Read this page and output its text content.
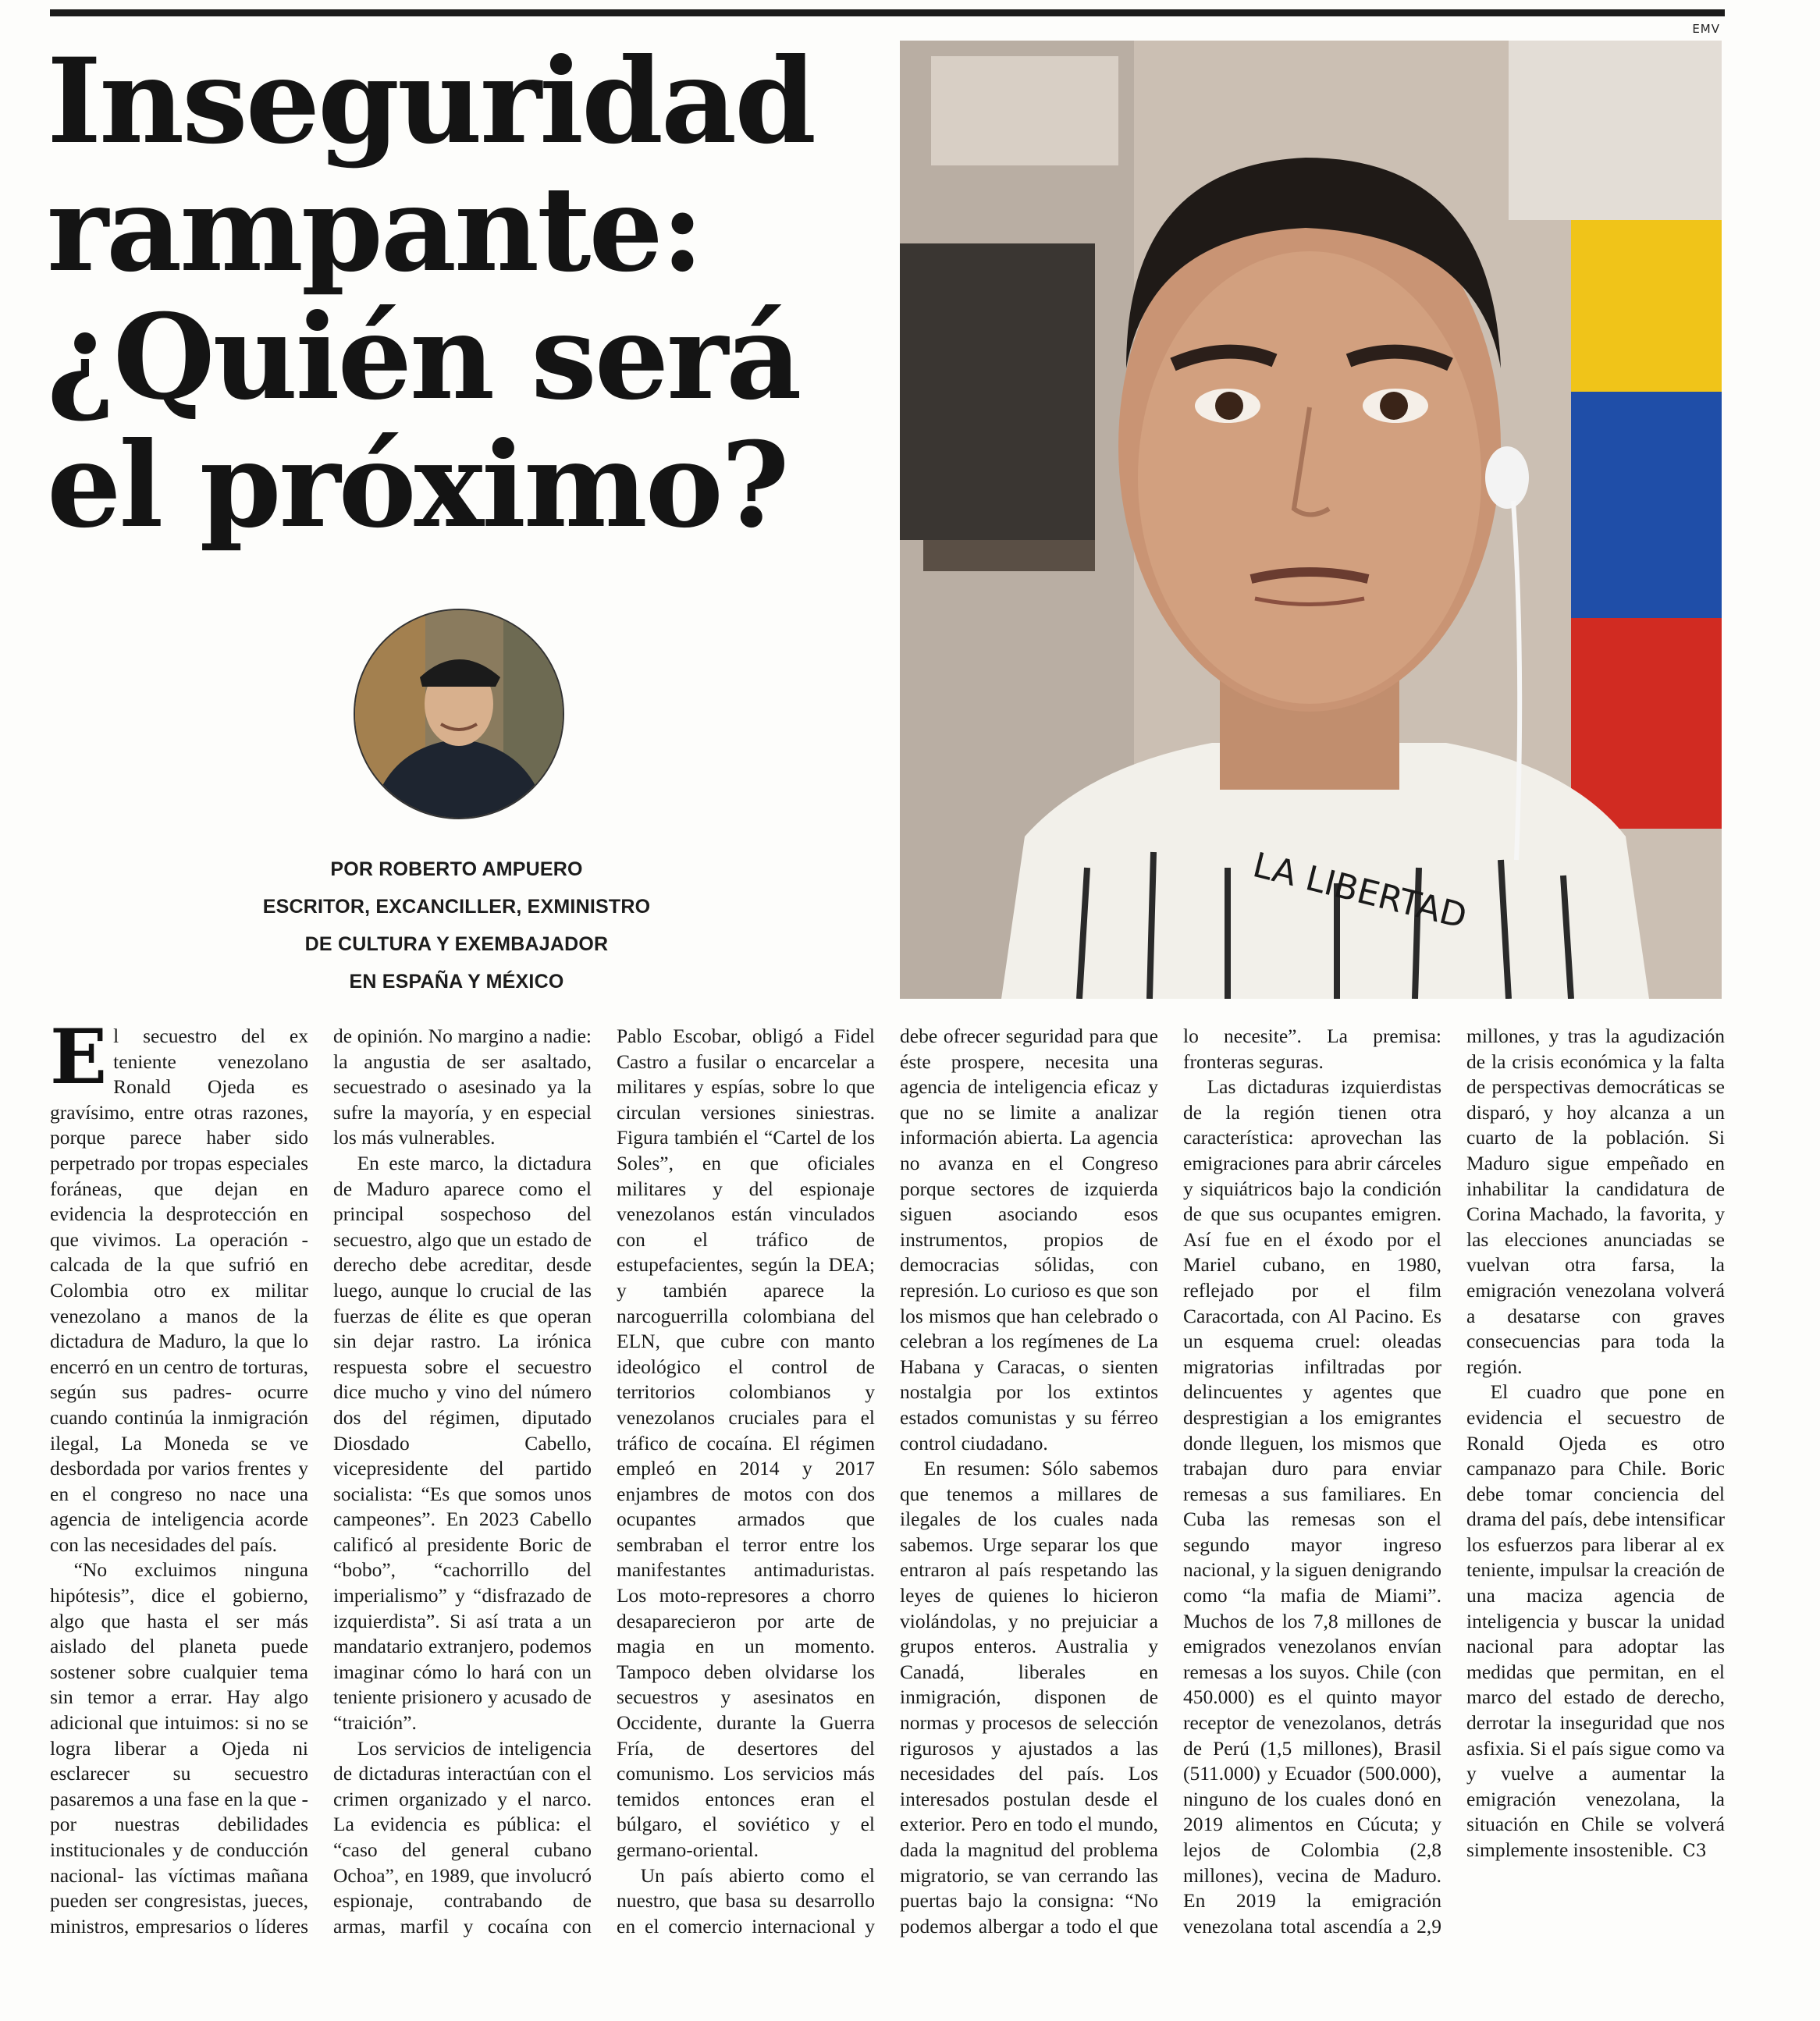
EMV
Inseguridad
rampante:
¿Quién será
el próximo?
LA LIBERTAD
POR ROBERTO AMPUERO
ESCRITOR, EXCANCILLER, EXMINISTRO
DE CULTURA Y EXEMBAJADOR
EN ESPAÑA Y MÉXICO

El secuestro del ex teniente venezolano Ronald Ojeda es gravísimo, entre otras razones, porque parece haber sido perpetrado por tropas especiales foráneas, que dejan en evidencia la desprotección en que vivimos. La operación -calcada de la que sufrió en Colombia otro ex militar venezolano a manos de la dictadura de Maduro, la que lo encerró en un centro de torturas, según sus padres- ocurre cuando continúa la inmigración ilegal, La Moneda se ve desbordada por varios frentes y en el congreso no nace una agencia de inteligencia acorde con las necesidades del país.

“No excluimos ninguna hipótesis”, dice el gobierno, algo que hasta el ser más aislado del planeta puede sostener sobre cualquier tema sin temor a errar. Hay algo adicional que intuimos: si no se logra liberar a Ojeda ni esclarecer su secuestro pasaremos a una fase en la que -por nuestras debilidades institucionales y de conducción nacional- las víctimas mañana pueden ser congresistas, jueces, ministros, empresarios o líderes de opinión. No margino a nadie: la angustia de ser asaltado, secuestrado o asesinado ya la sufre la mayoría, y en especial los más vulnerables.

En este marco, la dictadura de Maduro aparece como el principal sospechoso del secuestro, algo que un estado de derecho debe acreditar, desde luego, aunque lo crucial de las fuerzas de élite es que operan sin dejar rastro. La irónica respuesta sobre el secuestro dice mucho y vino del número dos del régimen, diputado Diosdado Cabello, vicepresidente del partido socialista: “Es que somos unos campeones”. En 2023 Cabello calificó al presidente Boric de “bobo”, “cachorrillo del imperialismo” y “disfrazado de izquierdista”. Si así trata a un mandatario extranjero, podemos imaginar cómo lo hará con un teniente prisionero y acusado de “traición”.

Los servicios de inteligencia de dictaduras interactúan con el crimen organizado y el narco. La evidencia es pública: el “caso del general cubano Ochoa”, en 1989, que involucró espionaje, contrabando de armas, marfil y cocaína con Pablo Escobar, obligó a Fidel Castro a fusilar o encarcelar a militares y espías, sobre lo que circulan versiones siniestras. Figura también el “Cartel de los Soles”, en que oficiales militares y del espionaje venezolanos están vinculados con el tráfico de estupefacientes, según la DEA; y también aparece la narcoguerrilla colombiana del ELN, que cubre con manto ideológico el control de territorios colombianos y venezolanos cruciales para el tráfico de cocaína. El régimen empleó en 2014 y 2017 enjambres de motos con dos ocupantes armados que sembraban el terror entre los manifestantes antimaduristas. Los moto-represores a chorro desaparecieron por arte de magia en un momento. Tampoco deben olvidarse los secuestros y asesinatos en Occidente, durante la Guerra Fría, de desertores del comunismo. Los servicios más temidos entonces eran el búlgaro, el soviético y el germano-oriental.

Un país abierto como el nuestro, que basa su desarrollo en el comercio internacional y debe ofrecer seguridad para que éste prospere, necesita una agencia de inteligencia eficaz y que no se limite a analizar información abierta. La agencia no avanza en el Congreso porque sectores de izquierda siguen asociando esos instrumentos, propios de democracias sólidas, con represión. Lo curioso es que son los mismos que han celebrado o celebran a los regímenes de La Habana y Caracas, o sienten nostalgia por los extintos estados comunistas y su férreo control ciudadano.

En resumen: Sólo sabemos que tenemos a millares de ilegales de los cuales nada sabemos. Urge separar los que entraron al país respetando las leyes de quienes lo hicieron violándolas, y no prejuiciar a grupos enteros. Australia y Canadá, liberales en inmigración, disponen de normas y procesos de selección rigurosos y ajustados a las necesidades del país. Los interesados postulan desde el exterior. Pero en todo el mundo, dada la magnitud del problema migratorio, se van cerrando las puertas bajo la consigna: “No podemos albergar a todo el que lo necesite”. La premisa: fronteras seguras.

Las dictaduras izquierdistas de la región tienen otra característica: aprovechan las emigraciones para abrir cárceles y siquiátricos bajo la condición de que sus ocupantes emigren. Así fue en el éxodo por el Mariel cubano, en 1980, reflejado por el film Caracortada, con Al Pacino. Es un esquema cruel: oleadas migratorias infiltradas por delincuentes y agentes que desprestigian a los emigrantes donde lleguen, los mismos que trabajan duro para enviar remesas a sus familiares. En Cuba las remesas son el segundo mayor ingreso nacional, y la siguen denigrando como “la mafia de Miami”. Muchos de los 7,8 millones de emigrados venezolanos envían remesas a los suyos. Chile (con 450.000) es el quinto mayor receptor de venezolanos, detrás de Perú (1,5 millones), Brasil (511.000) y Ecuador (500.000), ninguno de los cuales donó en 2019 alimentos en Cúcuta; y lejos de Colombia (2,8 millones), vecina de Maduro. En 2019 la emigración venezolana total ascendía a 2,9 millones, y tras la agudización de la crisis económica y la falta de perspectivas democráticas se disparó, y hoy alcanza a un cuarto de la población. Si Maduro sigue empeñado en inhabilitar la candidatura de Corina Machado, la favorita, y las elecciones anunciadas se vuelvan otra farsa, la emigración venezolana volverá a desatarse con graves consecuencias para toda la región.

El cuadro que pone en evidencia el secuestro de Ronald Ojeda es otro campanazo para Chile. Boric debe tomar conciencia del drama del país, debe intensificar los esfuerzos para liberar al ex teniente, impulsar la creación de una maciza agencia de inteligencia y buscar la unidad nacional para adoptar las medidas que permitan, en el marco del estado de derecho, derrotar la inseguridad que nos asfixia. Si el país sigue como va y vuelve a aumentar la emigración venezolana, la situación en Chile se volverá simplemente insostenible. C3
